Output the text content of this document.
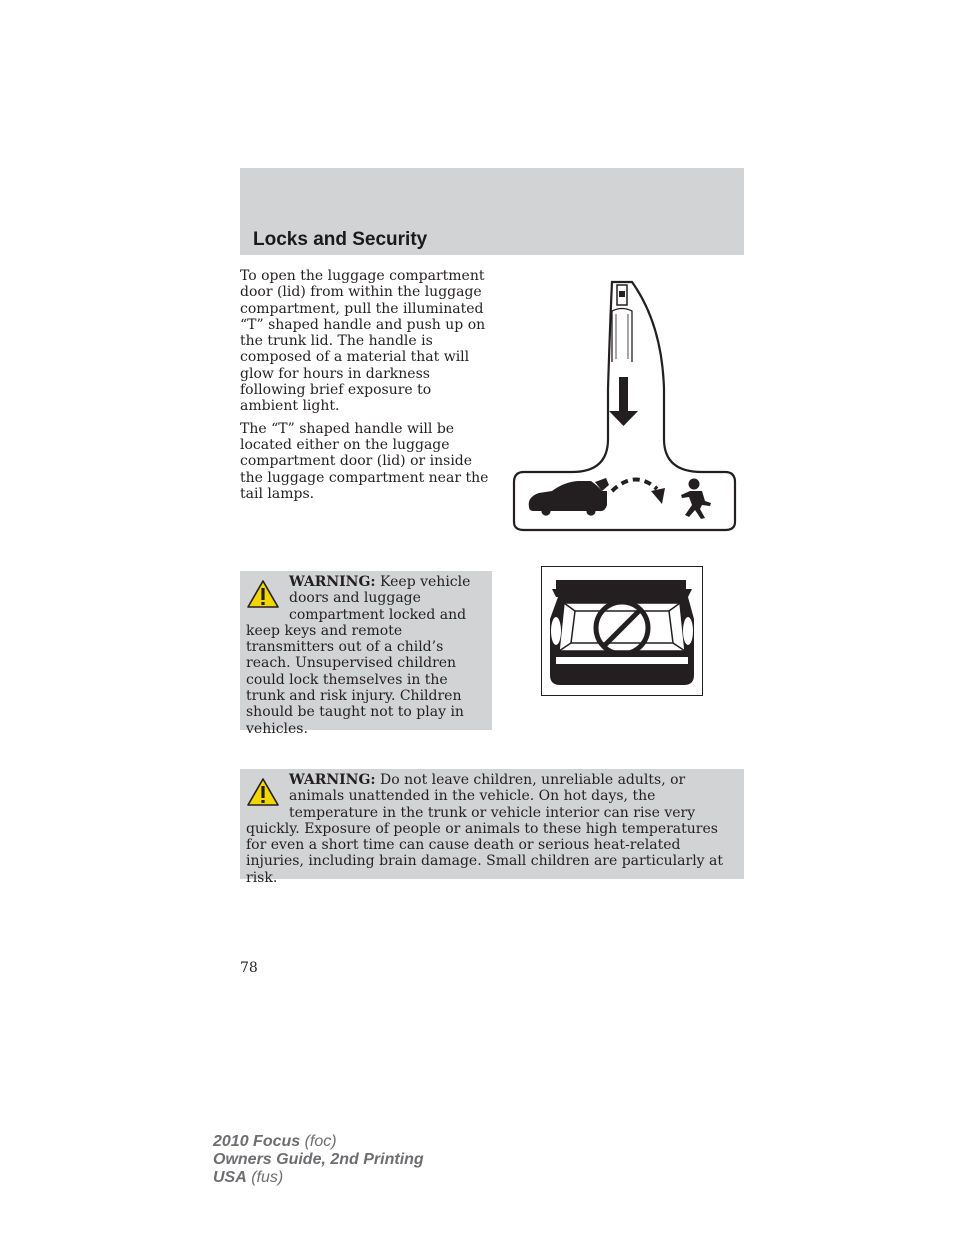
Locks and Security

To open the luggage compartment door (lid) from within the luggage compartment, pull the illuminated “T” shaped handle and push up on the trunk lid. The handle is composed of a material that will glow for hours in darkness following brief exposure to ambient light.

The “T” shaped handle will be located either on the luggage compartment door (lid) or inside the luggage compartment near the tail lamps.

WARNING: Keep vehicle doors and luggage compartment locked and keep keys and remote transmitters out of a child’s reach. Unsupervised children could lock themselves in the trunk and risk injury. Children should be taught not to play in vehicles.
WARNING: Do not leave children, unreliable adults, or animals unattended in the vehicle. On hot days, the temperature in the trunk or vehicle interior can rise very quickly. Exposure of people or animals to these high temperatures for even a short time can cause death or serious heat-related injuries, including brain damage. Small children are particularly at risk.
78
2010 Focus (foc)
Owners Guide, 2nd Printing
USA (fus)
